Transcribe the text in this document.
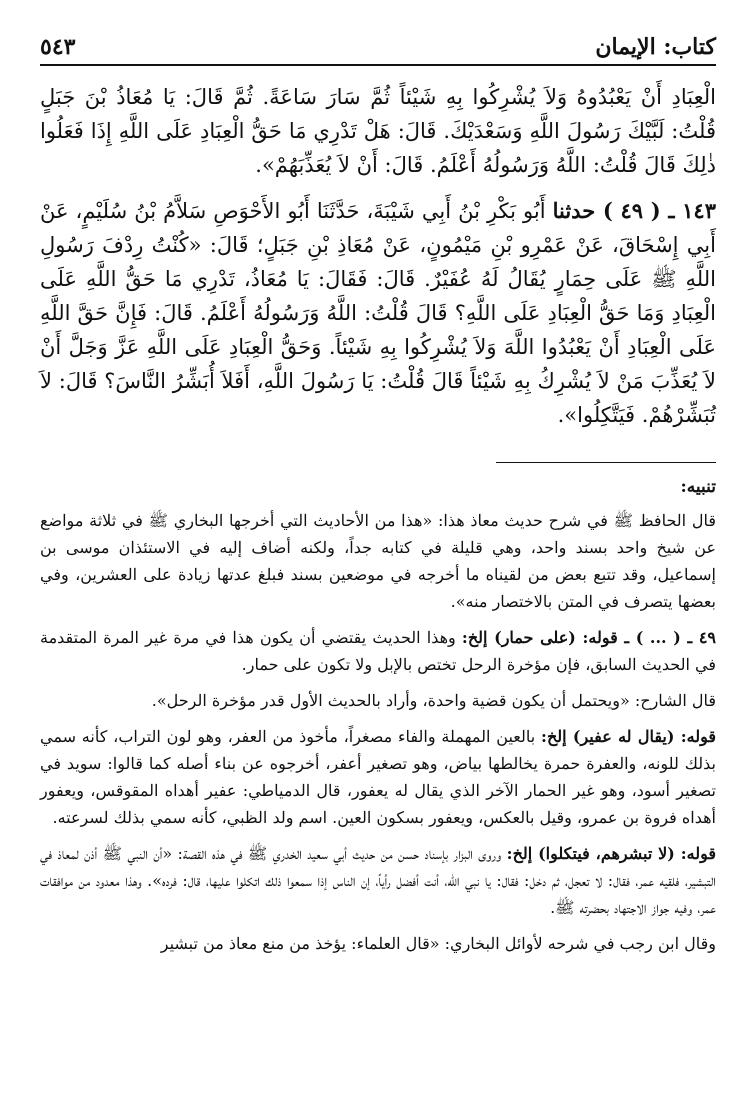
كتاب: الإيمان
٥٤٣

الْعِبَادِ أَنْ يَعْبُدُوهُ وَلاَ يُشْرِكُوا بِهِ شَيْئاً ثُمَّ سَارَ سَاعَةً. ثُمَّ قَالَ: يَا مُعَاذُ بْنَ جَبَلٍ قُلْتُ: لَبَّيْكَ رَسُولَ اللَّهِ وَسَعْدَيْكَ. قَالَ: هَلْ تَدْرِي مَا حَقُّ الْعِبَادِ عَلَى اللَّهِ إِذَا فَعَلُوا ذٰلِكَ قَالَ قُلْتُ: اللَّهُ وَرَسُولُهُ أَعْلَمُ. قَالَ: أَنْ لاَ يُعَذِّبَهُمْ».

١٤٣ ـ ( ٤٩ ) حدثنا أَبُو بَكْرِ بْنُ أَبِي شَيْبَةَ، حَدَّثَنَا أَبُو الأَحْوَصِ سَلاَّمُ بْنُ سُلَيْمٍ، عَنْ أَبِي إِسْحَاقَ، عَنْ عَمْرِو بْنِ مَيْمُونٍ، عَنْ مُعَاذِ بْنِ جَبَلٍ؛ قَالَ: «كُنْتُ رِدْفَ رَسُولِ اللَّهِ ﷺ عَلَى حِمَارٍ يُقَالُ لَهُ عُفَيْرٌ. قَالَ: فَقَالَ: يَا مُعَاذُ، تَدْرِي مَا حَقُّ اللَّهِ عَلَى الْعِبَادِ وَمَا حَقُّ الْعِبَادِ عَلَى اللَّهِ؟ قَالَ قُلْتُ: اللَّهُ وَرَسُولُهُ أَعْلَمُ. قَالَ: فَإِنَّ حَقَّ اللَّهِ عَلَى الْعِبَادِ أَنْ يَعْبُدُوا اللَّهَ وَلاَ يُشْرِكُوا بِهِ شَيْئاً. وَحَقُّ الْعِبَادِ عَلَى اللَّهِ عَزَّ وَجَلَّ أَنْ لاَ يُعَذِّبَ مَنْ لاَ يُشْرِكُ بِهِ شَيْئاً قَالَ قُلْتُ: يَا رَسُولَ اللَّهِ، أَفَلاَ أُبَشِّرُ النَّاسَ؟ قَالَ: لاَ تُبَشِّرْهُمْ. فَيَتَّكِلُوا».

تنبيه:

قال الحافظ ﷺ في شرح حديث معاذ هذا: «هذا من الأحاديث التي أخرجها البخاري ﷺ في ثلاثة مواضع عن شيخ واحد بسند واحد، وهي قليلة في كتابه جداً، ولكنه أضاف إليه في الاستئذان موسى بن إسماعيل، وقد تتبع بعض من لقيناه ما أخرجه في موضعين بسند فبلغ عدتها زيادة على العشرين، وفي بعضها يتصرف في المتن بالاختصار منه».

٤٩ ـ ( ... ) ـ قوله: (على حمار) إلخ: وهذا الحديث يقتضي أن يكون هذا في مرة غير المرة المتقدمة في الحديث السابق، فإن مؤخرة الرحل تختص بالإبل ولا تكون على حمار.

قال الشارح: «ويحتمل أن يكون قضية واحدة، وأراد بالحديث الأول قدر مؤخرة الرحل».

قوله: (يقال له عفير) إلخ: بالعين المهملة والفاء مصغراً، مأخوذ من العفر، وهو لون التراب، كأنه سمي بذلك للونه، والعفرة حمرة يخالطها بياض، وهو تصغير أعفر، أخرجوه عن بناء أصله كما قالوا: سويد في تصغير أسود، وهو غير الحمار الآخر الذي يقال له يعفور، قال الدمياطي: عفير أهداه المقوقس، ويعفور أهداه فروة بن عمرو، وقيل بالعكس، ويعفور بسكون العين. اسم ولد الظبي، كأنه سمي بذلك لسرعته.

قوله: (لا تبشرهم، فيتكلوا) إلخ: وروى البزار بإسناد حسن من حديث أبي سعيد الخدري ﷺ في هذه القصة: «أن النبي ﷺ أذن لمعاذ في التبشير، فلقيه عمر، فقال: لا تعجل، ثم دخل: فقال: يا نبي الله، أنت أفضل رأياً، إن الناس إذا سمعوا ذلك اتكلوا عليها، قال: فرده». وهذا معدود من موافقات عمر، وفيه جواز الاجتهاد بحضرته ﷺ.

وقال ابن رجب في شرحه لأوائل البخاري: «قال العلماء: يؤخذ من منع معاذ من تبشير
